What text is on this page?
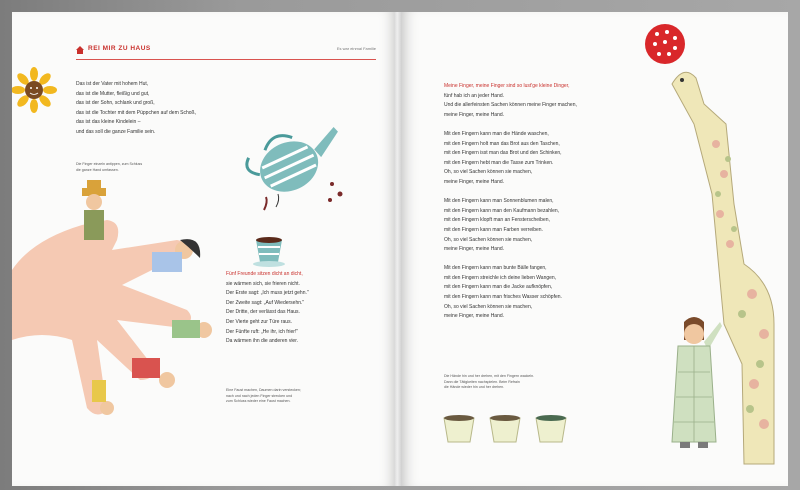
REI MIR ZU HAUS	Es war einmal Familie
Das ist der Vater mit hohem Hut,
das ist die Mutter, fleißig und gut,
das ist der Sohn, schlank und groß,
das ist die Tochter mit dem Püppchen auf dem Schoß,
das ist das kleine Kindelein –
und das soll die ganze Familie sein.
Die Finger einzeln antippen, zum Schluss
die ganze Hand umfassen.
Fünf Freunde sitzen dicht an dicht,
sie wärmen sich, sie frieren nicht.
Der Erste sagt: „Ich muss jetzt gehn."
Der Zweite sagt: „Auf Wiedersehn."
Der Dritte, der verlässt das Haus.
Der Vierte geht zur Türe raus.
Der Fünfte ruft: „He ihr, ich frier!"
Da wärmen ihn die anderen vier.
Eine Faust machen, Daumen darin verstecken;
nach und nach jeden Finger strecken und
zum Schluss wieder eine Faust machen.
Meine Finger, meine Finger sind so lust'ge kleine Dinger,
fünf hab ich an jeder Hand.
Und die allerfeinsten Sachen können meine Finger machen,
meine Finger, meine Hand.
Mit den Fingern kann man die Hände waschen,
mit den Fingern holt man das Brot aus den Taschen,
mit den Fingern isst man das Brot und den Schinken,
mit den Fingern hebt man die Tasse zum Trinken.
Oh, so viel Sachen können sie machen,
meine Finger, meine Hand.
Mit den Fingern kann man Sonnenblumen malen,
mit den Fingern kann man den Kaufmann bezahlen,
mit den Fingern klopft man an Fensterscheiben,
mit den Fingern kann man Farben verreiben.
Oh, so viel Sachen können sie machen,
meine Finger, meine Hand.
Mit den Fingern kann man bunte Bälle fangen,
mit den Fingern streichle ich deine lieben Wangen,
mit den Fingern kann man die Jacke aufknöpfen,
mit den Fingern kann man frisches Wasser schöpfen.
Oh, so viel Sachen können sie machen,
meine Finger, meine Hand.
Die Hände hin und her drehen, mit den Fingern wackeln.
Dann die Tätigkeiten nachspielen. Beim Refrain
die Hände wieder hin und her drehen.
